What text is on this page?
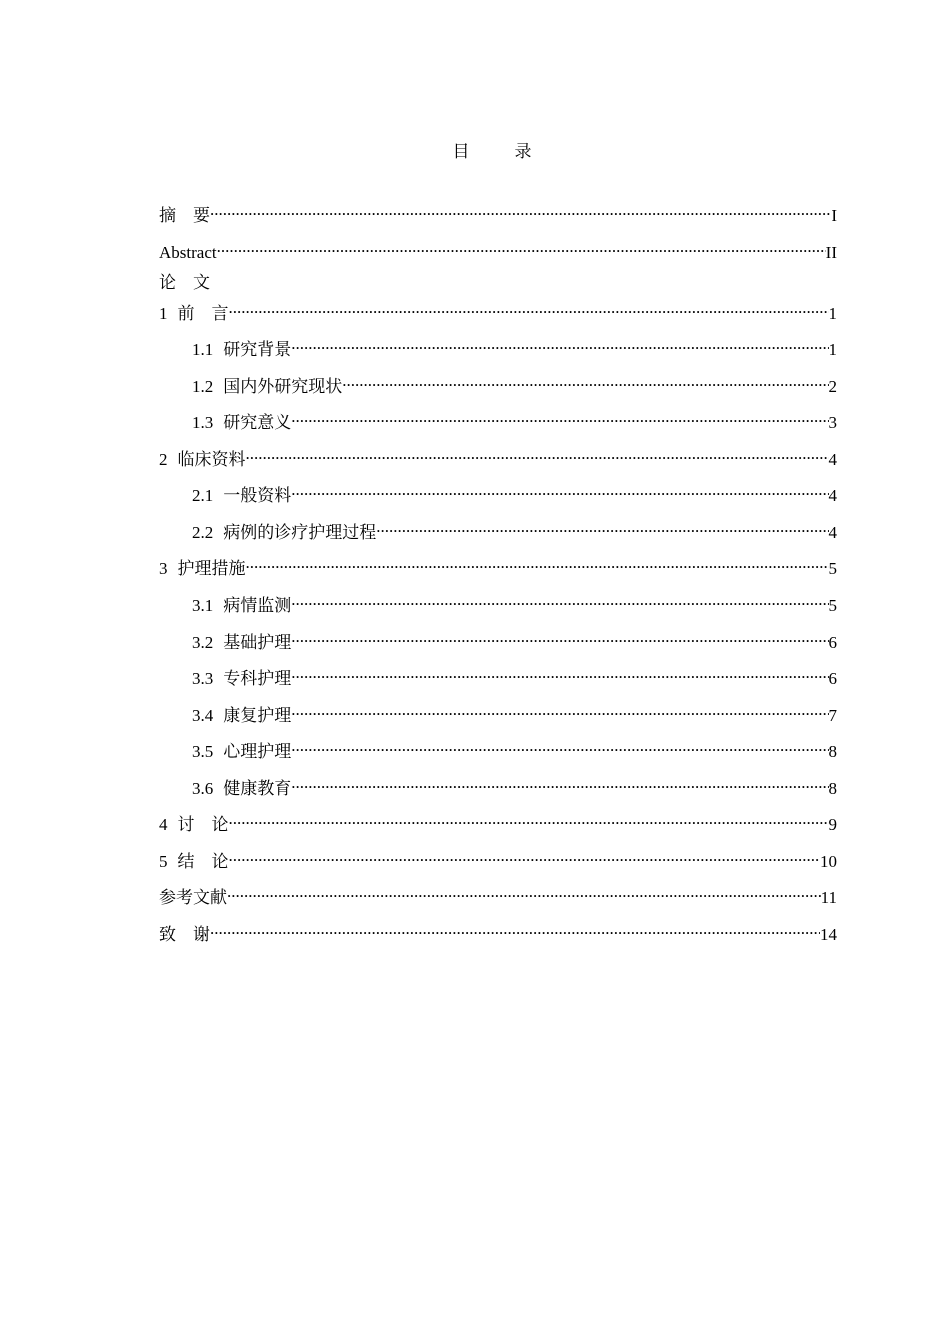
目　录
摘　要 .....	I
Abstract .....	II
论　文
1 前　言 .....	1
1.1 研究背景 .....	1
1.2 国内外研究现状 .....	2
1.3 研究意义 .....	3
2 临床资料 .....	4
2.1 一般资料 .....	4
2.2 病例的诊疗护理过程 .....	4
3 护理措施 .....	5
3.1 病情监测 .....	5
3.2 基础护理 .....	6
3.3 专科护理 .....	6
3.4 康复护理 .....	7
3.5 心理护理 .....	8
3.6 健康教育 .....	8
4 讨　论 .....	9
5 结　论 .....	10
参考文献 .....	11
致　谢 .....	14
